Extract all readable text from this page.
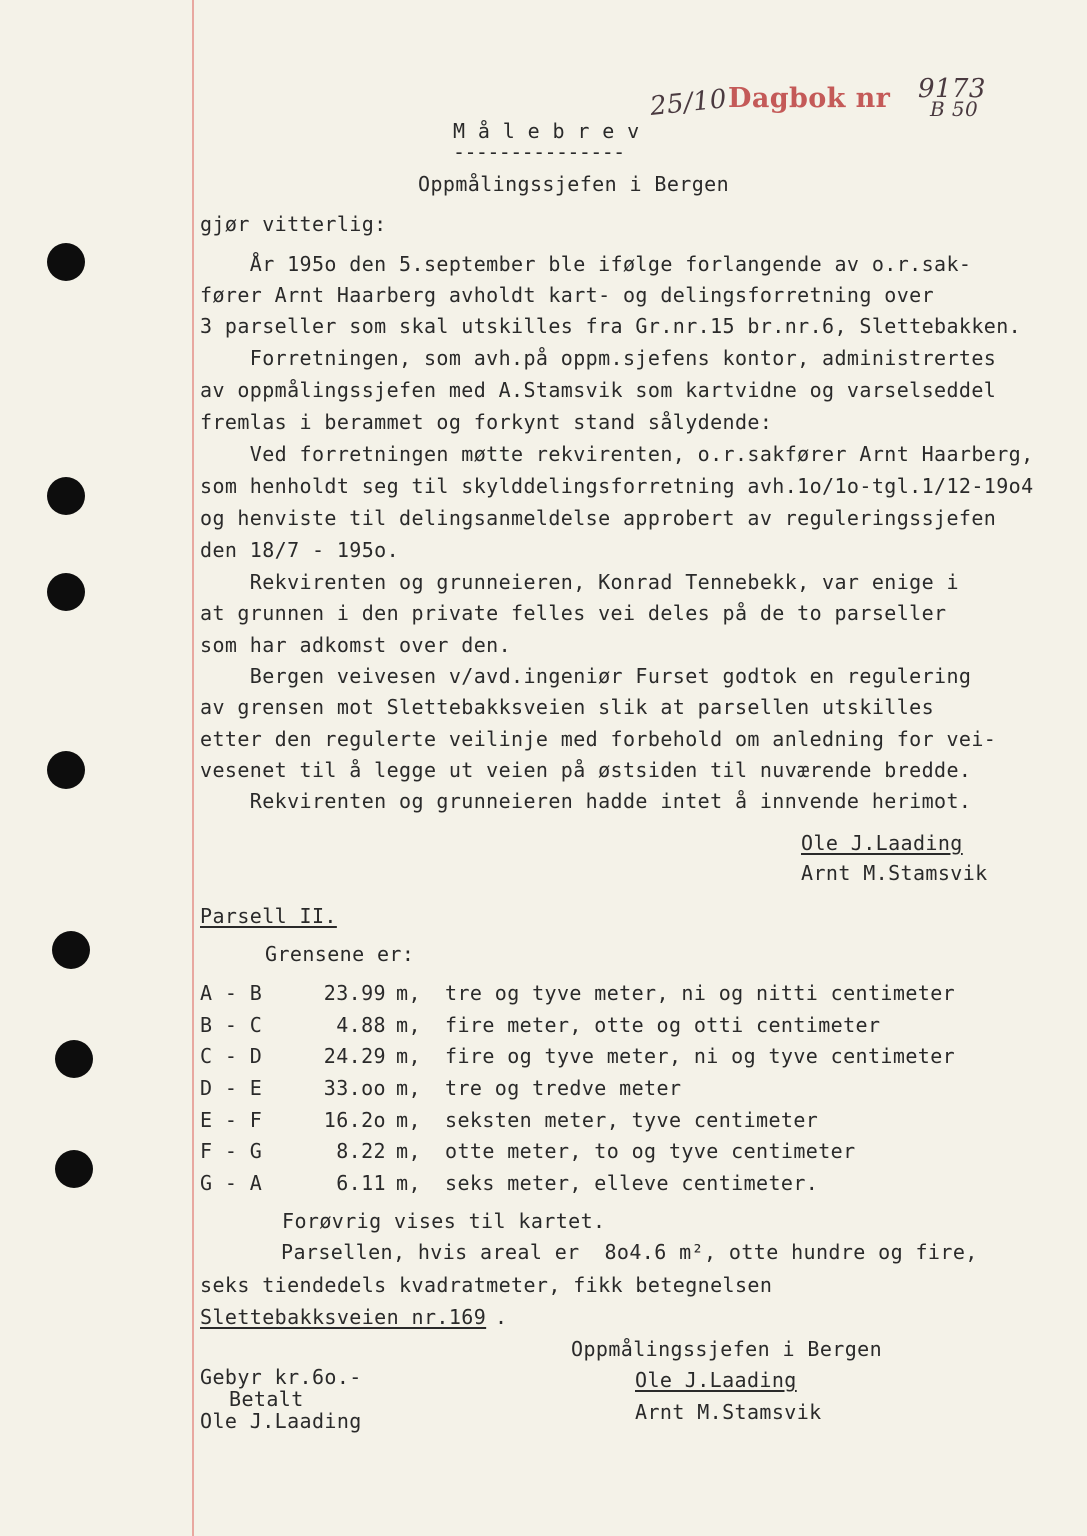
M å l e b r e v
---------------
25/10 Dagbok nr 9173
B 50
Oppmålingssjefen i Bergen
gjør vitterlig:
År 195o den 5.september ble ifølge forlangende av o.r.sak-
fører Arnt Haarberg avholdt kart- og delingsforretning over
3 parseller som skal utskilles fra Gr.nr.15 br.nr.6, Slettebakken.
Forretningen, som avh.på oppm.sjefens kontor, administrertes
av oppmålingssjefen med A.Stamsvik som kartvidne og varselseddel
fremlas i berammet og forkynt stand sålydende:
Ved forretningen møtte rekvirenten, o.r.sakfører Arnt Haarberg,
som henholdt seg til skylddelingsforretning avh.1o/1o-tgl.1/12-19o4
og henviste til delingsanmeldelse approbert av reguleringssjefen
den 18/7 - 195o.
Rekvirenten og grunneieren, Konrad Tennebekk, var enige i
at grunnen i den private felles vei deles på de to parseller
som har adkomst over den.
Bergen veivesen v/avd.ingeniør Furset godtok en regulering
av grensen mot Slettebakksveien slik at parsellen utskilles
etter den regulerte veilinje med forbehold om anledning for vei-
vesenet til å legge ut veien på østsiden til nuværende bredde.
Rekvirenten og grunneieren hadde intet å innvende herimot.
Ole J.Laading
Arnt M.Stamsvik
Parsell II.
Grensene er:
A - B	23.99 m, tre og tyve meter, ni og nitti centimeter
B - C	4.88 m, fire meter, otte og otti centimeter
C - D	24.29 m, fire og tyve meter, ni og tyve centimeter
D - E	33.oo m, tre og tredve meter
E - F	16.2o m, seksten meter, tyve centimeter
F - G	8.22 m, otte meter, to og tyve centimeter
G - A	6.11 m, seks meter, elleve centimeter.
Forøvrig vises til kartet.
Parsellen, hvis areal er  8o4.6 m², otte hundre og fire,
seks tiendedels kvadratmeter, fikk betegnelsen
Slettebakksveien nr.169 .
Oppmålingssjefen i Bergen
Ole J.Laading
Arnt M.Stamsvik
Gebyr kr.6o.-
Betalt
Ole J.Laading
